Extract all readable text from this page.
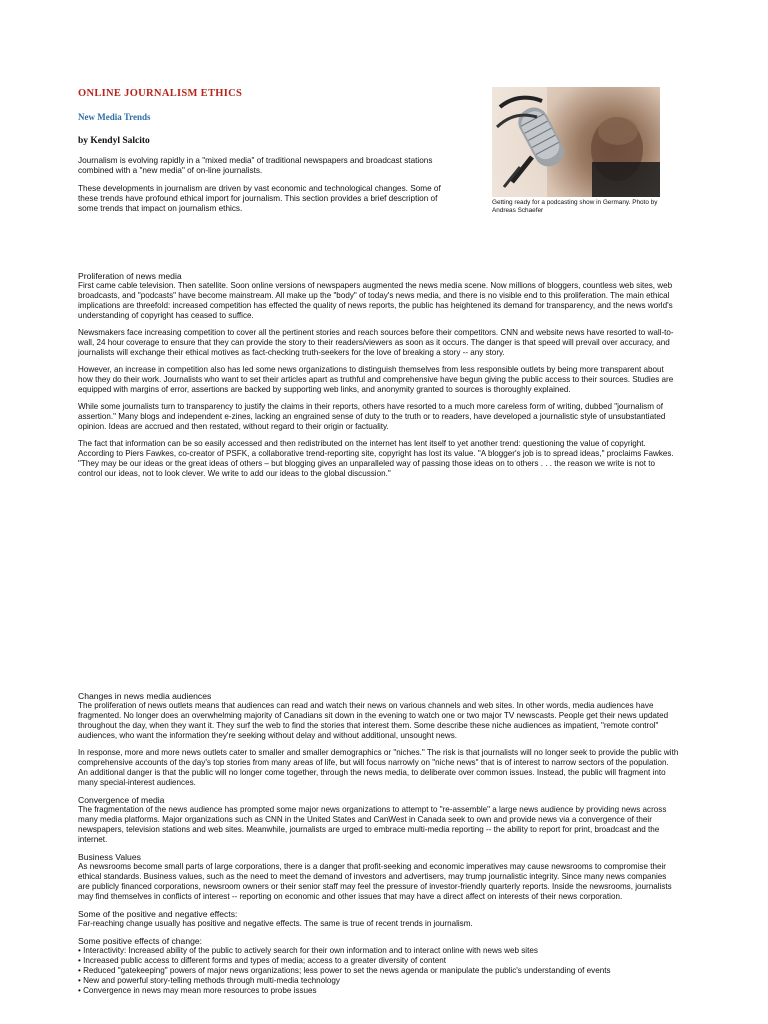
ONLINE JOURNALISM ETHICS
New Media Trends
by Kendyl Salcito

Journalism is evolving rapidly in a "mixed media" of traditional newspapers and broadcast stations combined with a "new media" of on-line journalists.

These developments in journalism are driven by vast economic and technological changes. Some of these trends have profound ethical import for journalism. This section provides a brief description of some trends that impact on journalism ethics.

Getting ready for a podcasting show in Germany. Photo by Andreas Schaefer

Proliferation of news media

First came cable television. Then satellite. Soon online versions of newspapers augmented the news media scene. Now millions of bloggers, countless web sites, web broadcasts, and "podcasts" have become mainstream. All make up the "body" of today's news media, and there is no visible end to this proliferation. The main ethical implications are threefold: increased competition has effected the quality of news reports, the public has heightened its demand for transparency, and the news world's understanding of copyright has ceased to suffice.

Newsmakers face increasing competition to cover all the pertinent stories and reach sources before their competitors. CNN and website news have resorted to wall-to-wall, 24 hour coverage to ensure that they can provide the story to their readers/viewers as soon as it occurs. The danger is that speed will prevail over accuracy, and journalists will exchange their ethical motives as fact-checking truth-seekers for the love of breaking a story -- any story.

However, an increase in competition also has led some news organizations to distinguish themselves from less responsible outlets by being more transparent about how they do their work. Journalists who want to set their articles apart as truthful and comprehensive have begun giving the public access to their sources. Studies are equipped with margins of error, assertions are backed by supporting web links, and anonymity granted to sources is thoroughly explained.

While some journalists turn to transparency to justify the claims in their reports, others have resorted to a much more careless form of writing, dubbed "journalism of assertion." Many blogs and independent e-zines, lacking an engrained sense of duty to the truth or to readers, have developed a journalistic style of unsubstantiated opinion. Ideas are accrued and then restated, without regard to their origin or factuality.

The fact that information can be so easily accessed and then redistributed on the internet has lent itself to yet another trend: questioning the value of copyright. According to Piers Fawkes, co-creator of PSFK, a collaborative trend-reporting site, copyright has lost its value. "A blogger's job is to spread ideas," proclaims Fawkes. "They may be our ideas or the great ideas of others – but blogging gives an unparalleled way of passing those ideas on to others . . . the reason we write is not to control our ideas, not to look clever. We write to add our ideas to the global discussion."

Changes in news media audiences

The proliferation of news outlets means that audiences can read and watch their news on various channels and web sites. In other words, media audiences have fragmented. No longer does an overwhelming majority of Canadians sit down in the evening to watch one or two major TV newscasts. People get their news updated throughout the day, when they want it. They surf the web to find the stories that interest them. Some describe these niche audiences as impatient, "remote control" audiences, who want the information they're seeking without delay and without additional, unsought news.

In response, more and more news outlets cater to smaller and smaller demographics or "niches." The risk is that journalists will no longer seek to provide the public with comprehensive accounts of the day's top stories from many areas of life, but will focus narrowly on "niche news" that is of interest to narrow sectors of the population. An additional danger is that the public will no longer come together, through the news media, to deliberate over common issues. Instead, the public will fragment into many special-interest audiences.

Convergence of media

The fragmentation of the news audience has prompted some major news organizations to attempt to "re-assemble" a large news audience by providing news across many media platforms. Major organizations such as CNN in the United States and CanWest in Canada seek to own and provide news via a convergence of their newspapers, television stations and web sites. Meanwhile, journalists are urged to embrace multi-media reporting -- the ability to report for print, broadcast and the internet.

Business Values

As newsrooms become small parts of large corporations, there is a danger that profit-seeking and economic imperatives may cause newsrooms to compromise their ethical standards. Business values, such as the need to meet the demand of investors and advertisers, may trump journalistic integrity. Since many news companies are publicly financed corporations, newsroom owners or their senior staff may feel the pressure of investor-friendly quarterly reports. Inside the newsrooms, journalists may find themselves in conflicts of interest -- reporting on economic and other issues that may have a direct affect on interests of their news corporation.

Some of the positive and negative effects:

Far-reaching change usually has positive and negative effects. The same is true of recent trends in journalism.

Some positive effects of change:
• Interactivity: Increased ability of the public to actively search for their own information and to interact online with news web sites
• Increased public access to different forms and types of media; access to a greater diversity of content
• Reduced "gatekeeping" powers of major news organizations; less power to set the news agenda or manipulate the public's understanding of events
• New and powerful story-telling methods through multi-media technology
• Convergence in news may mean more resources to probe issues
